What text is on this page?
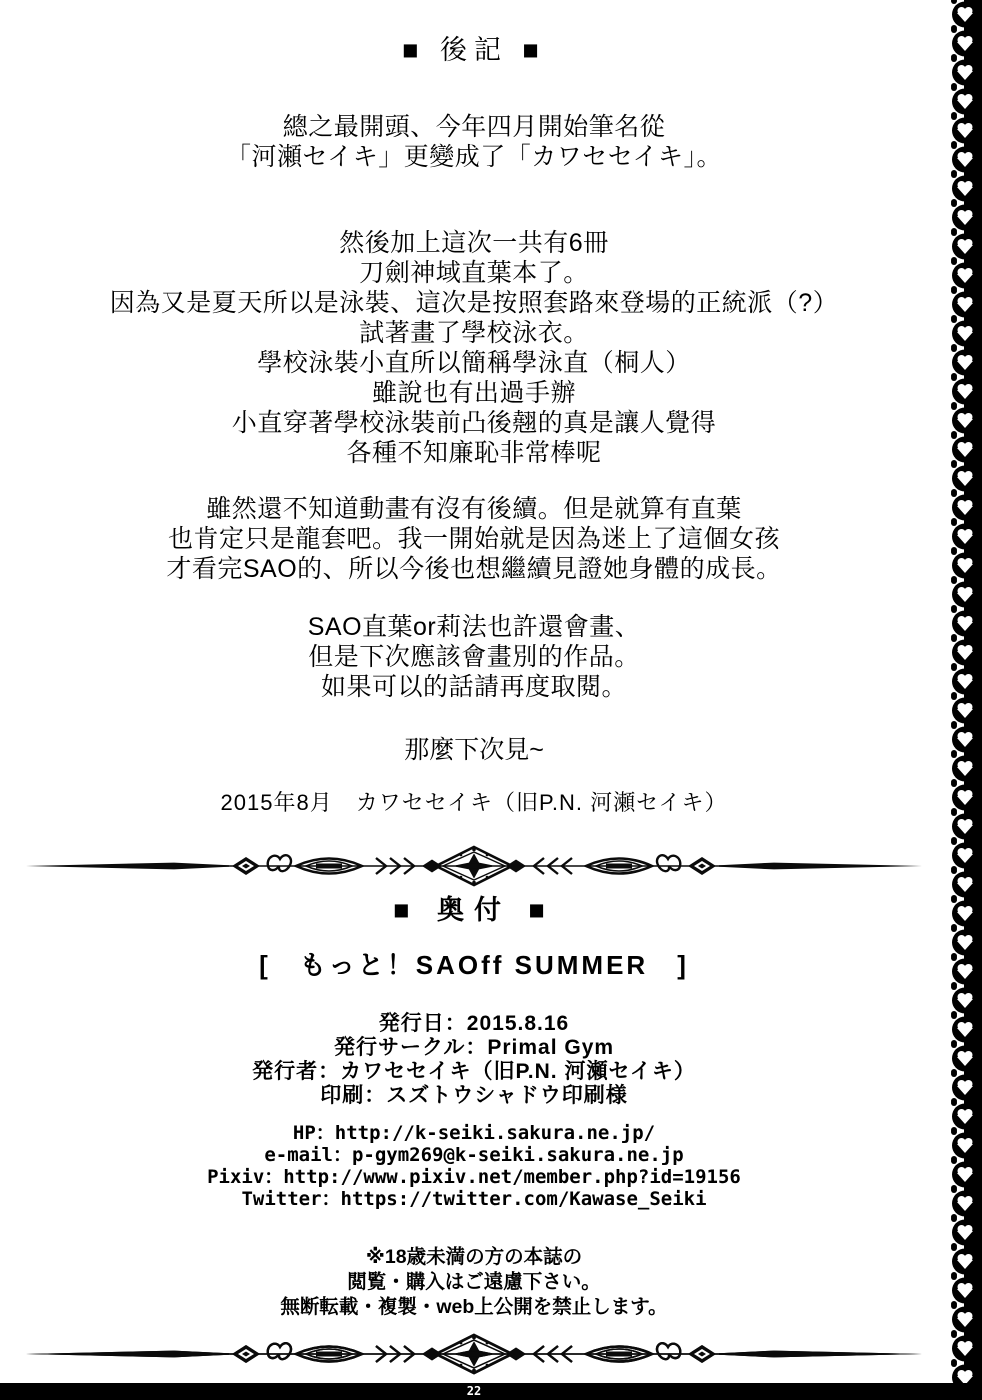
■ 後記 ■
總之最開頭、今年四月開始筆名從
「河瀬セイキ」更變成了「カワセセイキ」。
然後加上這次一共有6冊
刀劍神域直葉本了。
因為又是夏天所以是泳裝、這次是按照套路來登場的正統派（?）
試著畫了學校泳衣。
學校泳裝小直所以簡稱學泳直（桐人）
雖說也有出過手辦
小直穿著學校泳裝前凸後翹的真是讓人覺得
各種不知廉恥非常棒呢
雖然還不知道動畫有沒有後續。但是就算有直葉
也肯定只是龍套吧。我一開始就是因為迷上了這個女孩
才看完SAO的、所以今後也想繼續見證她身體的成長。
SAO直葉or莉法也許還會畫、
但是下次應該會畫別的作品。
如果可以的話請再度取閱。
那麼下次見~
2015年8月　カワセセイキ（旧P.N. 河瀬セイキ）
■ 奥付 ■
[　もっと！SAOff SUMMER　]
発行日：2015.8.16
発行サークル：Primal Gym
発行者：カワセセイキ（旧P.N. 河瀬セイキ）
印刷：スズトウシャドウ印刷様
HP：http://k-seiki.sakura.ne.jp/
e-mail：p-gym269@k-seiki.sakura.ne.jp
Pixiv：http://www.pixiv.net/member.php?id=19156
Twitter：https://twitter.com/Kawase_Seiki
※18歳未満の方の本誌の
閲覧・購入はご遠慮下さい。
無断転載・複製・web上公開を禁止します。
22
